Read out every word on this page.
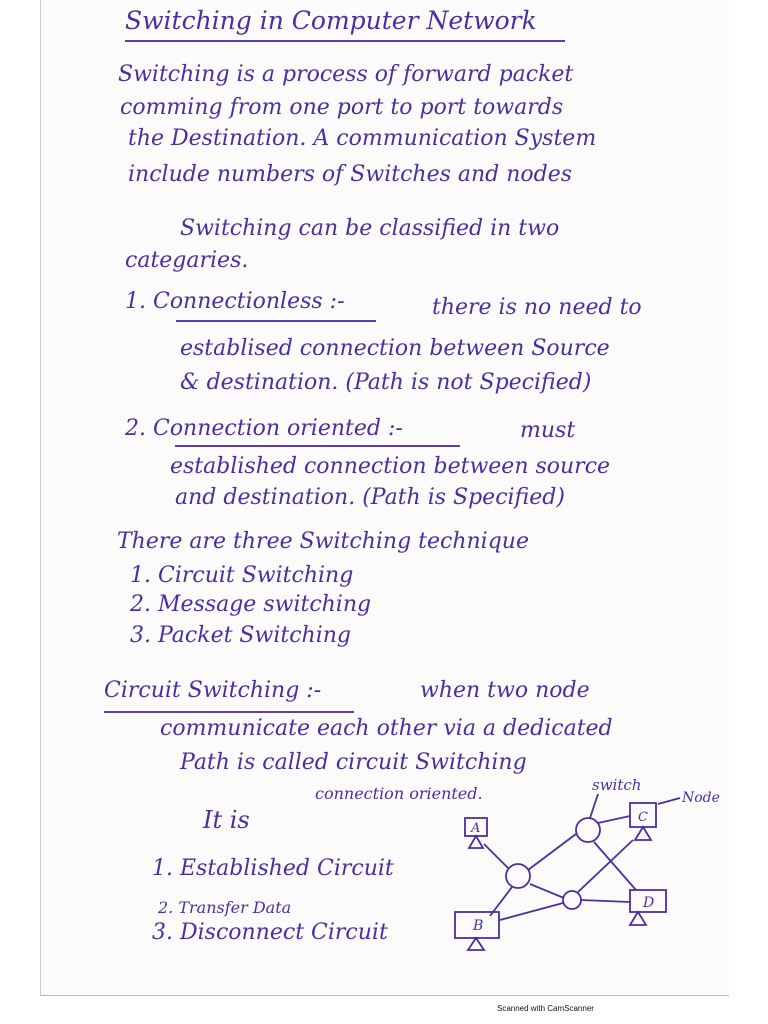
Switching in Computer Network
Switching is a process of forward packet
comming from one port to port towards
the Destination. A communication System
include numbers of Switches and nodes
Switching can be classified in two
categaries.
1. Connectionless :-	there is no need to
establised connection between Source
& destination. (Path is not Specified)
2. Connection oriented :-	must
established connection between source
and destination. (Path is Specified)
There are three Switching technique
1. Circuit Switching
2. Message switching
3. Packet Switching
Circuit Switching :-	when two node
communicate each other via a dedicated
Path is called circuit Switching
It is
connection oriented.
1. Established Circuit
2. Transfer Data
3. Disconnect Circuit
A
C
B
D
switch
Node
Scanned with CamScanner
